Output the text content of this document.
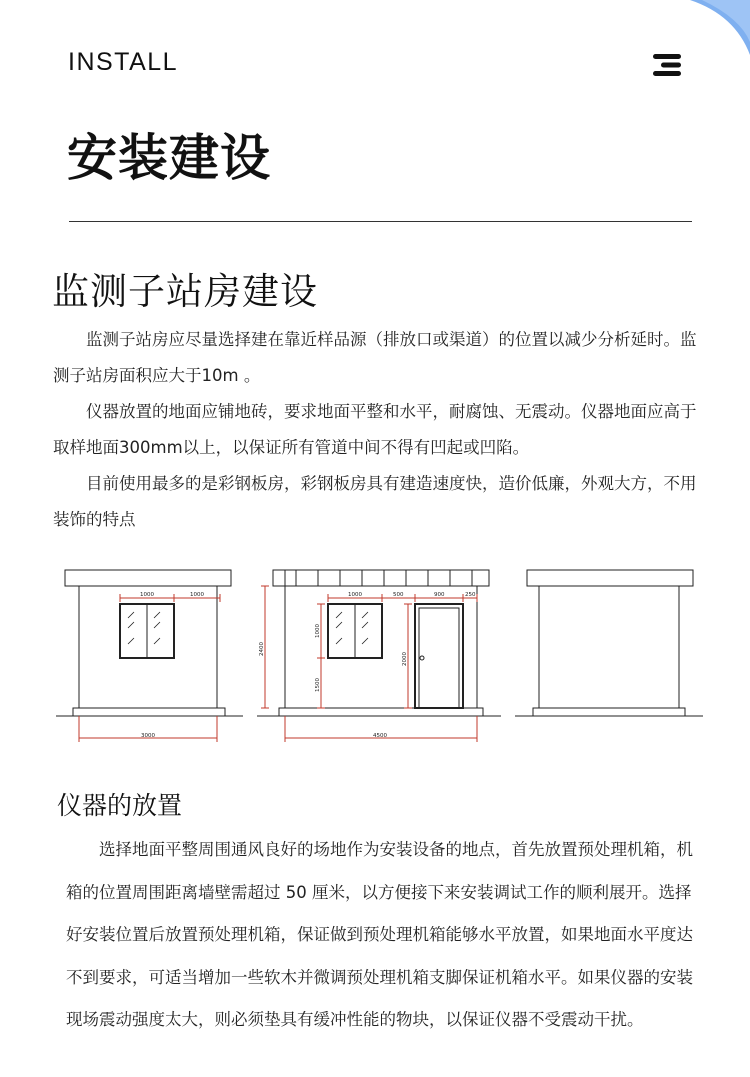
INSTALL
安装建设
监测子站房建设

监测子站房应尽量选择建在靠近样品源（排放口或渠道）的位置以减少分析延时。监测子站房面积应大于10m 。

仪器放置的地面应铺地砖，要求地面平整和水平，耐腐蚀、无震动。仪器地面应高于取样地面300mm以上，以保证所有管道中间不得有凹起或凹陷。

目前使用最多的是彩钢板房，彩钢板房具有建造速度快，造价低廉，外观大方，不用装饰的特点

1000	1000
3000
1000	500	900	250
4500
2400
1000
1500
2000
仪器的放置

选择地面平整周围通风良好的场地作为安装设备的地点，首先放置预处理机箱，机箱的位置周围距离墙壁需超过 50 厘米，以方便接下来安装调试工作的顺利展开。选择好安装位置后放置预处理机箱，保证做到预处理机箱能够水平放置，如果地面水平度达不到要求，可适当增加一些软木并微调预处理机箱支脚保证机箱水平。如果仪器的安装现场震动强度太大，则必须垫具有缓冲性能的物块，以保证仪器不受震动干扰。
